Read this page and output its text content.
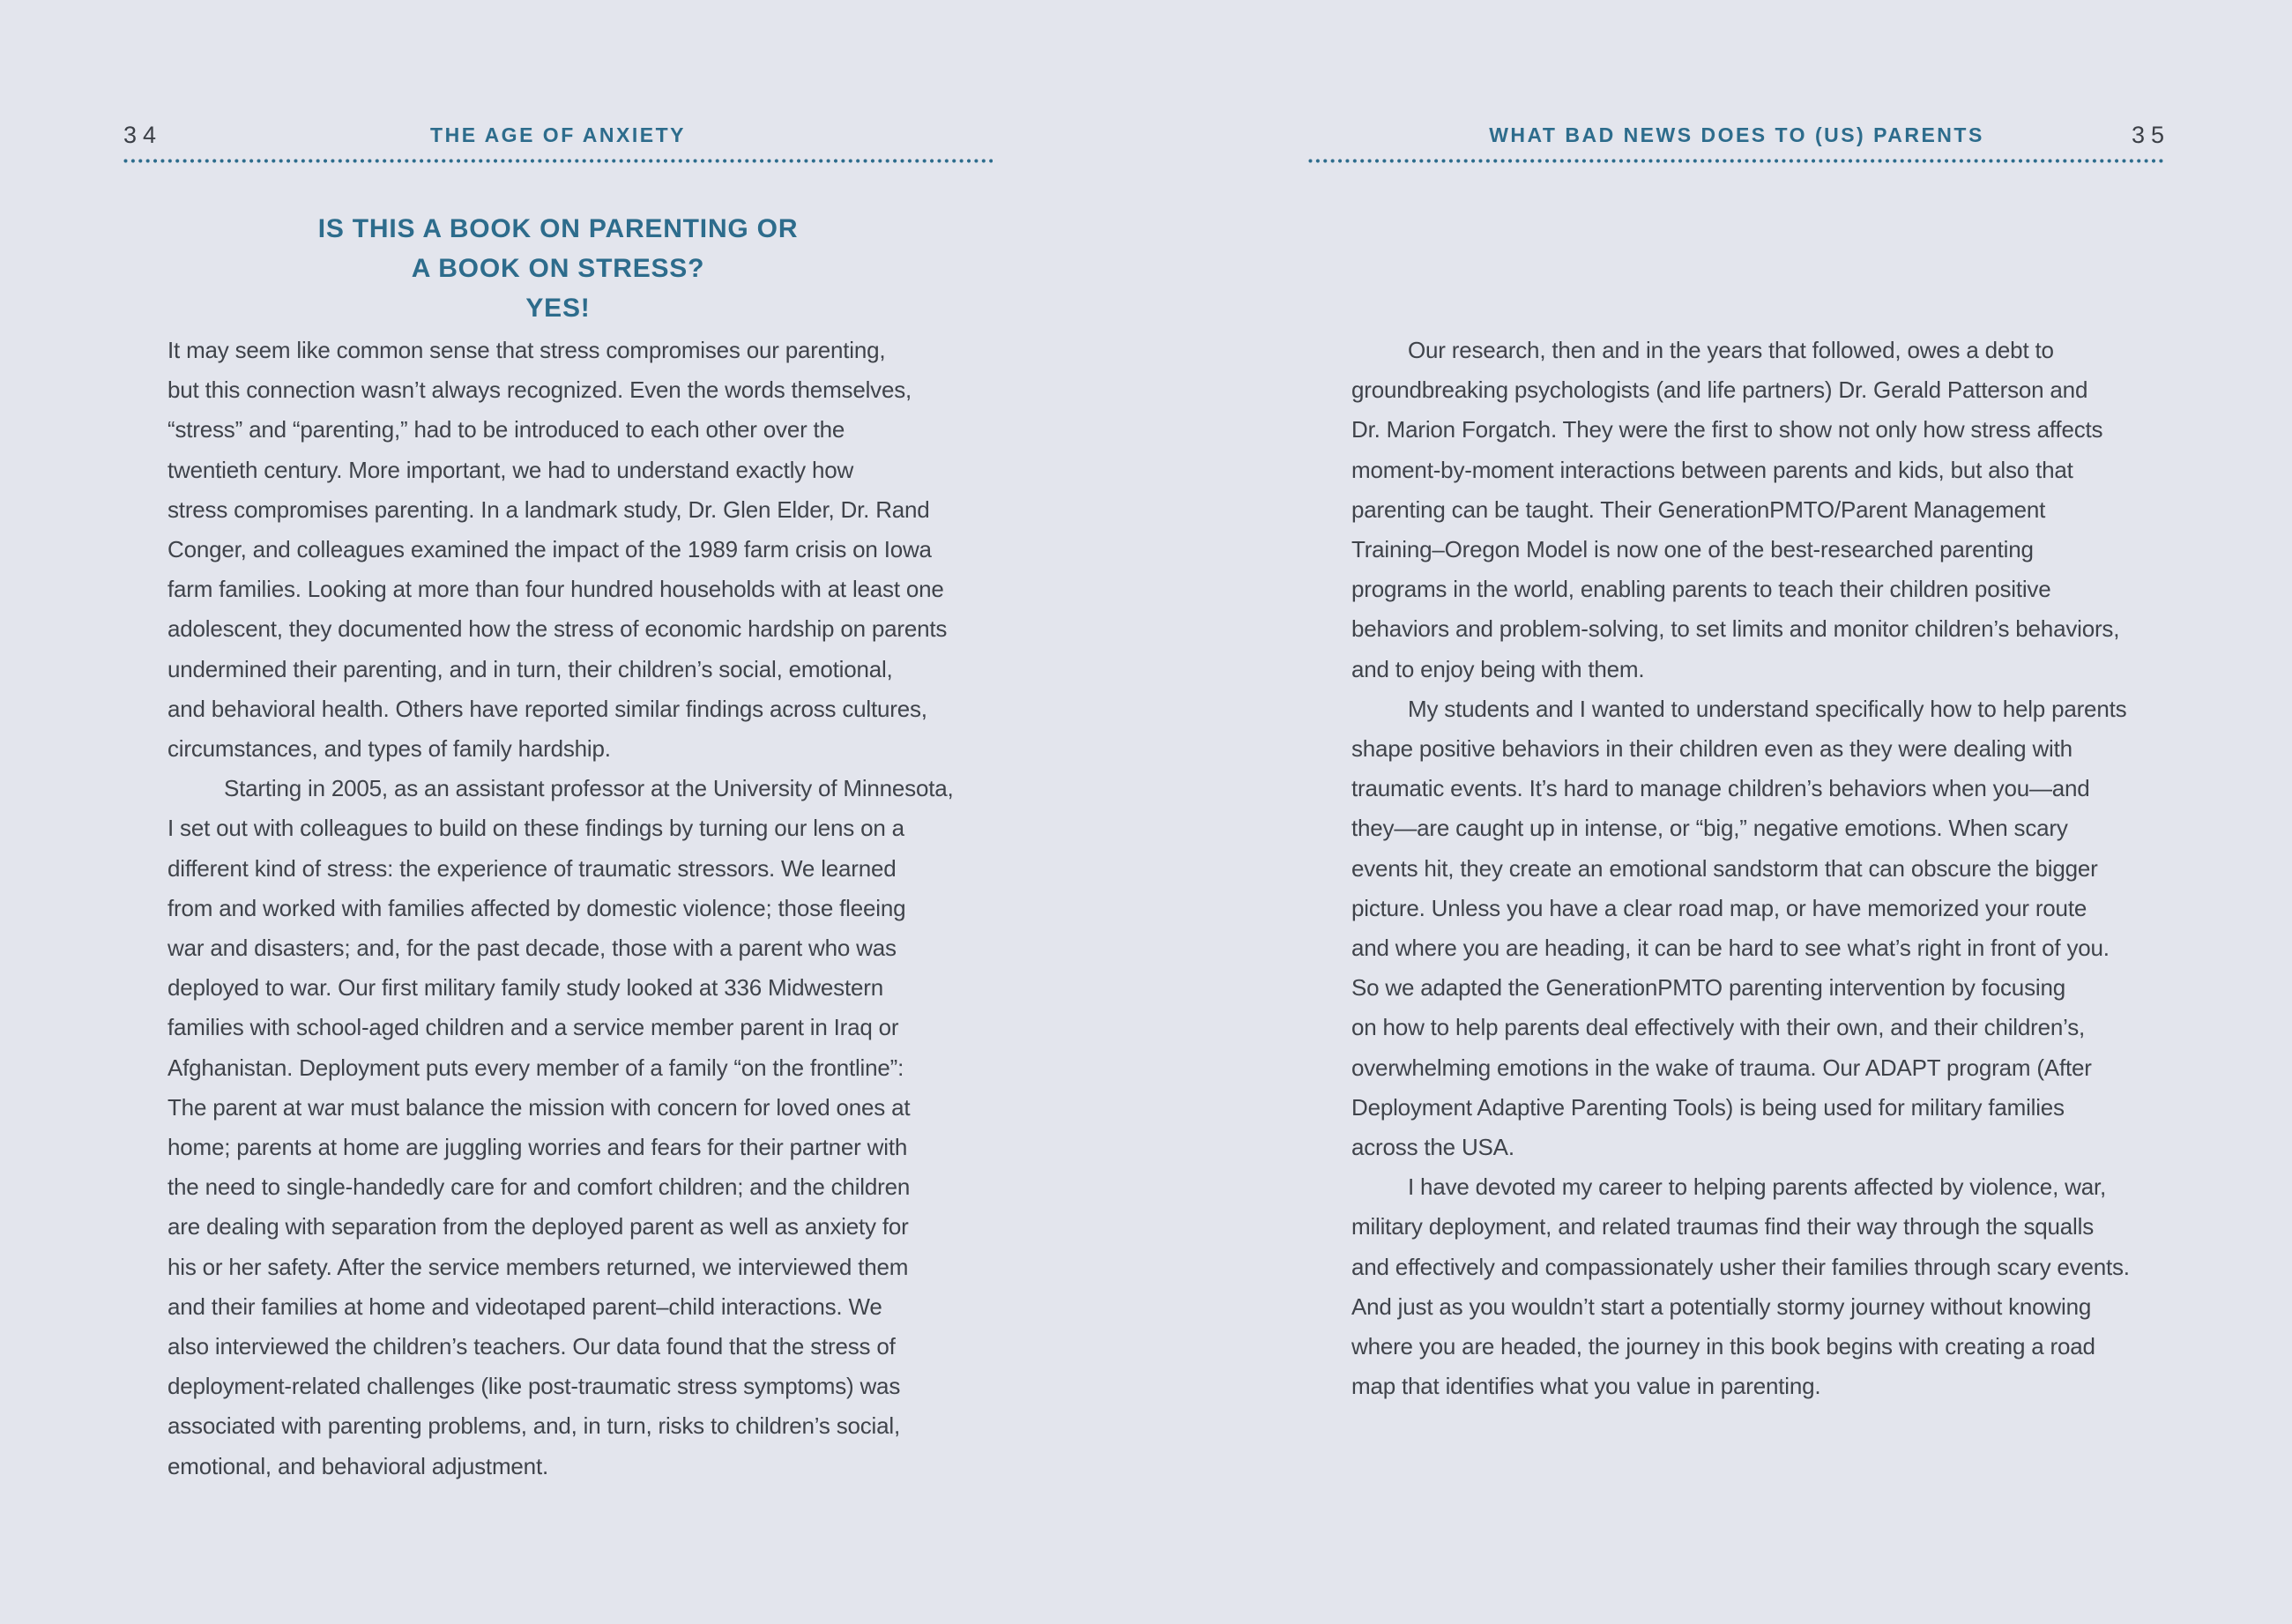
34	THE AGE OF ANXIETY
IS THIS A BOOK ON PARENTING OR
A BOOK ON STRESS?
YES!
It may seem like common sense that stress compromises our parenting,
but this connection wasn’t always recognized. Even the words themselves,
“stress” and “parenting,” had to be introduced to each other over the
twentieth century. More important, we had to understand exactly how
stress compromises parenting. In a landmark study, Dr. Glen Elder, Dr. Rand
Conger, and colleagues examined the impact of the 1989 farm crisis on Iowa
farm families. Looking at more than four hundred households with at least one
adolescent, they documented how the stress of economic hardship on parents
undermined their parenting, and in turn, their children’s social, emotional,
and behavioral health. Others have reported similar findings across cultures,
circumstances, and types of family hardship.
Starting in 2005, as an assistant professor at the University of Minnesota,
I set out with colleagues to build on these findings by turning our lens on a
different kind of stress: the experience of traumatic stressors. We learned
from and worked with families affected by domestic violence; those fleeing
war and disasters; and, for the past decade, those with a parent who was
deployed to war. Our first military family study looked at 336 Midwestern
families with school-aged children and a service member parent in Iraq or
Afghanistan. Deployment puts every member of a family “on the frontline”:
The parent at war must balance the mission with concern for loved ones at
home; parents at home are juggling worries and fears for their partner with
the need to single-handedly care for and comfort children; and the children
are dealing with separation from the deployed parent as well as anxiety for
his or her safety. After the service members returned, we interviewed them
and their families at home and videotaped parent–child interactions. We
also interviewed the children’s teachers. Our data found that the stress of
deployment-related challenges (like post-traumatic stress symptoms) was
associated with parenting problems, and, in turn, risks to children’s social,
emotional, and behavioral adjustment.
35
WHAT BAD NEWS DOES TO (US) PARENTS
Our research, then and in the years that followed, owes a debt to
groundbreaking psychologists (and life partners) Dr. Gerald Patterson and
Dr. Marion Forgatch. They were the first to show not only how stress affects
moment-by-moment interactions between parents and kids, but also that
parenting can be taught. Their GenerationPMTO/Parent Management
Training–Oregon Model is now one of the best-researched parenting
programs in the world, enabling parents to teach their children positive
behaviors and problem-solving, to set limits and monitor children’s behaviors,
and to enjoy being with them.
My students and I wanted to understand specifically how to help parents
shape positive behaviors in their children even as they were dealing with
traumatic events. It’s hard to manage children’s behaviors when you—and
they—are caught up in intense, or “big,” negative emotions. When scary
events hit, they create an emotional sandstorm that can obscure the bigger
picture. Unless you have a clear road map, or have memorized your route
and where you are heading, it can be hard to see what’s right in front of you.
So we adapted the GenerationPMTO parenting intervention by focusing
on how to help parents deal effectively with their own, and their children’s,
overwhelming emotions in the wake of trauma. Our ADAPT program (After
Deployment Adaptive Parenting Tools) is being used for military families
across the USA.
I have devoted my career to helping parents affected by violence, war,
military deployment, and related traumas find their way through the squalls
and effectively and compassionately usher their families through scary events.
And just as you wouldn’t start a potentially stormy journey without knowing
where you are headed, the journey in this book begins with creating a road
map that identifies what you value in parenting.
